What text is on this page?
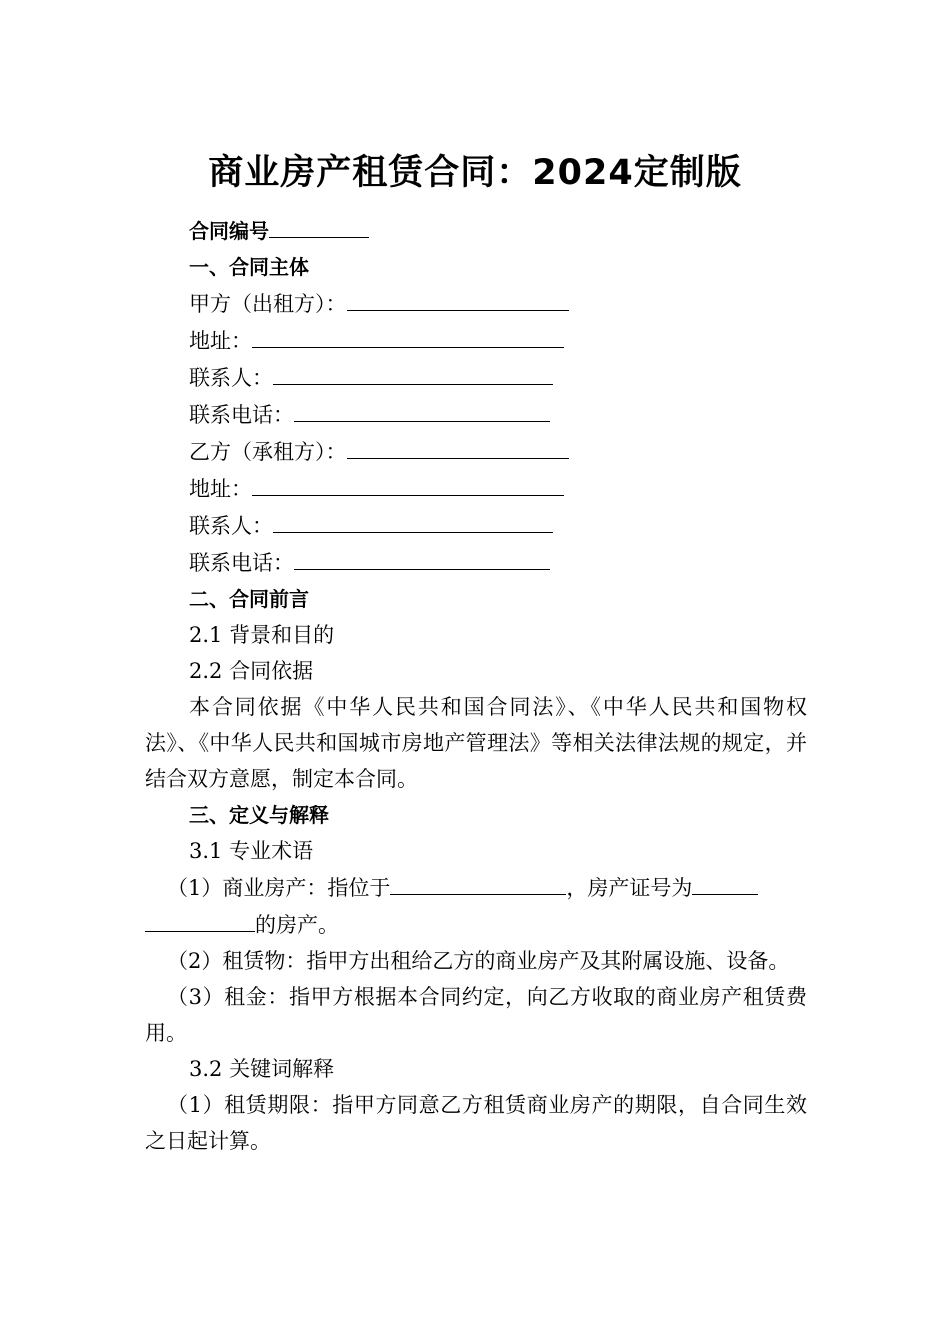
商业房产租赁合同：2024定制版
合同编号
一、合同主体
甲方（出租方）：
地址：
联系人：
联系电话：
乙方（承租方）：
地址：
联系人：
联系电话：
二、合同前言
2.1 背景和目的
2.2 合同依据
本合同依据《中华人民共和国合同法》、《中华人民共和国物权法》、《中华人民共和国城市房地产管理法》等相关法律法规的规定，并结合双方意愿，制定本合同。
三、定义与解释
3.1 专业术语
（1）商业房产：指位于	，房产证号为
的房产。
（2）租赁物：指甲方出租给乙方的商业房产及其附属设施、设备。
（3）租金：指甲方根据本合同约定，向乙方收取的商业房产租赁费用。
3.2 关键词解释
（1）租赁期限：指甲方同意乙方租赁商业房产的期限，自合同生效之日起计算。
